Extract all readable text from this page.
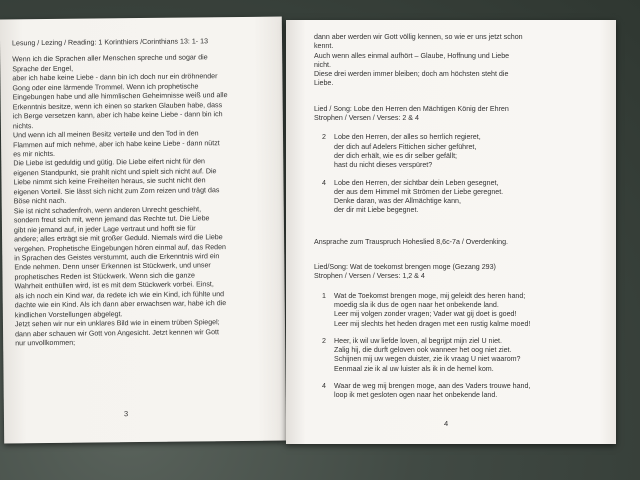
Lesung / Lezing / Reading: 1 Korinthiers /Corinthians 13: 1- 13

Wenn ich die Sprachen aller Menschen spreche und sogar die
Sprache der Engel,
aber ich habe keine Liebe - dann bin ich doch nur ein dröhnender
Gong oder eine lärmende Trommel. Wenn ich prophetische
Eingebungen habe und alle himmlischen Geheimnisse weiß und alle
Erkenntnis besitze, wenn ich einen so starken Glauben habe, dass
ich Berge versetzen kann, aber ich habe keine Liebe - dann bin ich
nichts.

Und wenn ich all meinen Besitz verteile und den Tod in den
Flammen auf mich nehme, aber ich habe keine Liebe - dann nützt
es mir nichts.

Die Liebe ist geduldig und gütig. Die Liebe eifert nicht für den
eigenen Standpunkt, sie prahlt nicht und spielt sich nicht auf. Die
Liebe nimmt sich keine Freiheiten heraus, sie sucht nicht den
eigenen Vorteil. Sie lässt sich nicht zum Zorn reizen und trägt das
Böse nicht nach.

Sie ist nicht schadenfroh, wenn anderen Unrecht geschieht,
sondern freut sich mit, wenn jemand das Rechte tut. Die Liebe
gibt nie jemand auf, in jeder Lage vertraut und hofft sie für
andere; alles erträgt sie mit großer Geduld. Niemals wird die Liebe
vergehen. Prophetische Eingebungen hören einmal auf, das Reden
in Sprachen des Geistes verstummt, auch die Erkenntnis wird ein
Ende nehmen. Denn unser Erkennen ist Stückwerk, und unser
prophetisches Reden ist Stückwerk. Wenn sich die ganze
Wahrheit enthüllen wird, ist es mit dem Stückwerk vorbei. Einst,
als ich noch ein Kind war, da redete ich wie ein Kind, ich fühlte und
dachte wie ein Kind. Als ich dann aber erwachsen war, habe ich die
kindlichen Vorstellungen abgelegt.

Jetzt sehen wir nur ein unklares Bild wie in einem trüben Spiegel;
dann aber schauen wir Gott von Angesicht. Jetzt kennen wir Gott
nur unvollkommen;

3

dann aber werden wir Gott völlig kennen, so wie er uns jetzt schon
kennt.
Auch wenn alles einmal aufhört – Glaube, Hoffnung und Liebe
nicht.
Diese drei werden immer bleiben; doch am höchsten steht die
Liebe.

Lied / Song: Lobe den Herren den Mächtigen König der Ehren
Strophen / Versen / Verses: 2 & 4
2	Lobe den Herren, der alles so herrlich regieret,
der dich auf Adelers Fittichen sicher geführet,
der dich erhält, wie es dir selber gefällt;
hast du nicht dieses verspüret?
4	Lobe den Herren, der sichtbar dein Leben gesegnet,
der aus dem Himmel mit Strömen der Liebe geregnet.
Denke daran, was der Allmächtige kann,
der dir mit Liebe begegnet.
Ansprache zum Trauspruch Hoheslied 8,6c-7a / Overdenking.
Lied/Song: Wat de toekomst brengen moge (Gezang 293)
Strophen / Versen / Verses: 1,2 & 4
1	Wat de Toekomst brengen moge, mij geleidt des heren hand;
moedig sla ik dus de ogen naar het onbekende land.
Leer mij volgen zonder vragen; Vader wat gij doet is goed!
Leer mij slechts het heden dragen met een rustig kalme moed!
2	Heer, ik wil uw liefde loven, al begrijpt mijn ziel U niet.
Zalig hij, die durft geloven ook wanneer het oog niet ziet.
Schijnen mij uw wegen duister, zie ik vraag U niet waarom?
Eenmaal zie ik al uw luister als ik in de hemel kom.
4	Waar de weg mij brengen moge, aan des Vaders trouwe hand,
loop ik met gesloten ogen naar het onbekende land.
4
